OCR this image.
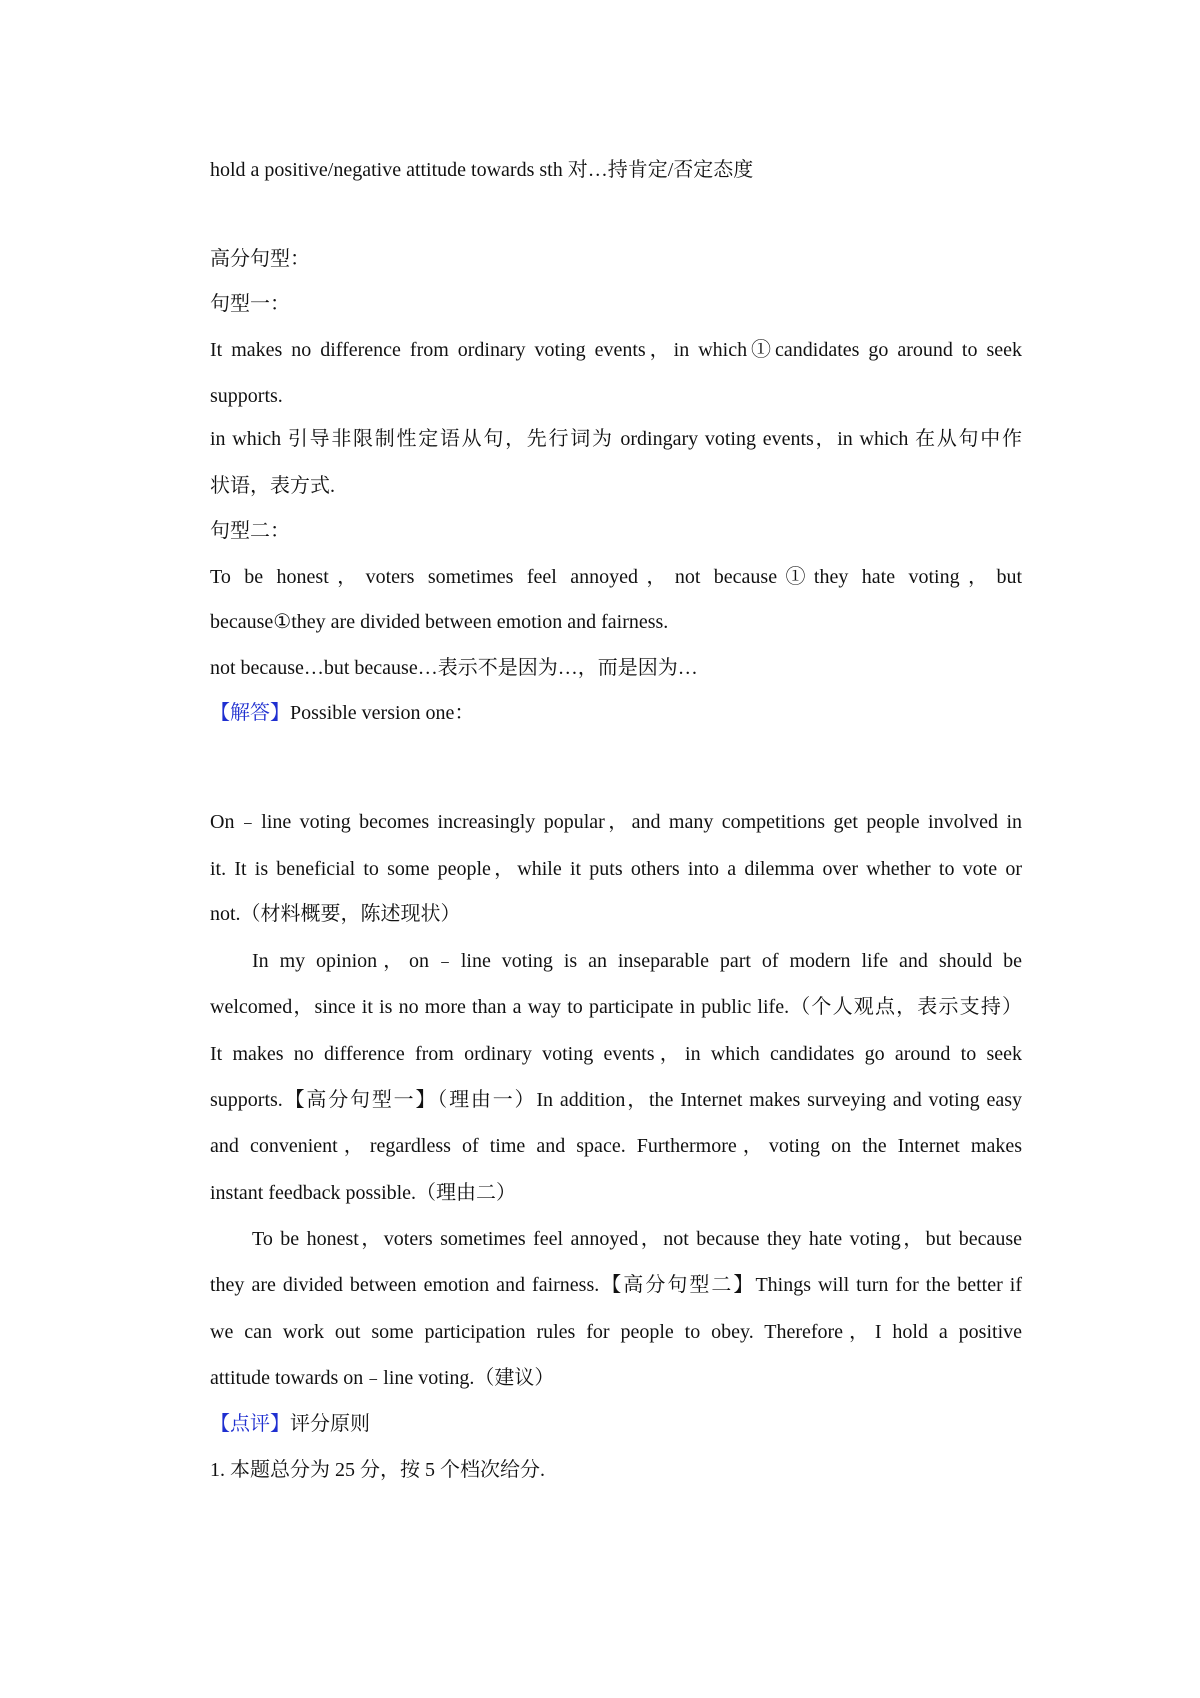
hold a positive/negative attitude towards sth 对…持肯定/否定态度
高分句型：
句型一：
It makes no difference from ordinary voting events，in which①candidates go around to seek
supports.
in which 引导非限制性定语从句，先行词为 ordingary voting events，in which 在从句中作
状语，表方式.
句型二：
To be honest，voters sometimes feel annoyed，not because①they hate voting，but
because①they are divided between emotion and fairness.
not because…but because…表示不是因为…，而是因为…
【解答】Possible version one：
On﹣line voting becomes increasingly popular，and many competitions get people involved in
it. It is beneficial to some people，while it puts others into a dilemma over whether to vote or
not.（材料概要，陈述现状）
In my opinion，on﹣line voting is an inseparable part of modern life and should be
welcomed，since it is no more than a way to participate in public life.（个人观点，表示支持）
It makes no difference from ordinary voting events，in which candidates go around to seek
supports.【高分句型一】（理由一）In addition，the Internet makes surveying and voting easy
and convenient，regardless of time and space. Furthermore，voting on the Internet makes
instant feedback possible.（理由二）
To be honest，voters sometimes feel annoyed，not because they hate voting，but because
they are divided between emotion and fairness.【高分句型二】Things will turn for the better if
we can work out some participation rules for people to obey. Therefore，I hold a positive
attitude towards on﹣line voting.（建议）
【点评】评分原则
1. 本题总分为 25 分，按 5 个档次给分.
